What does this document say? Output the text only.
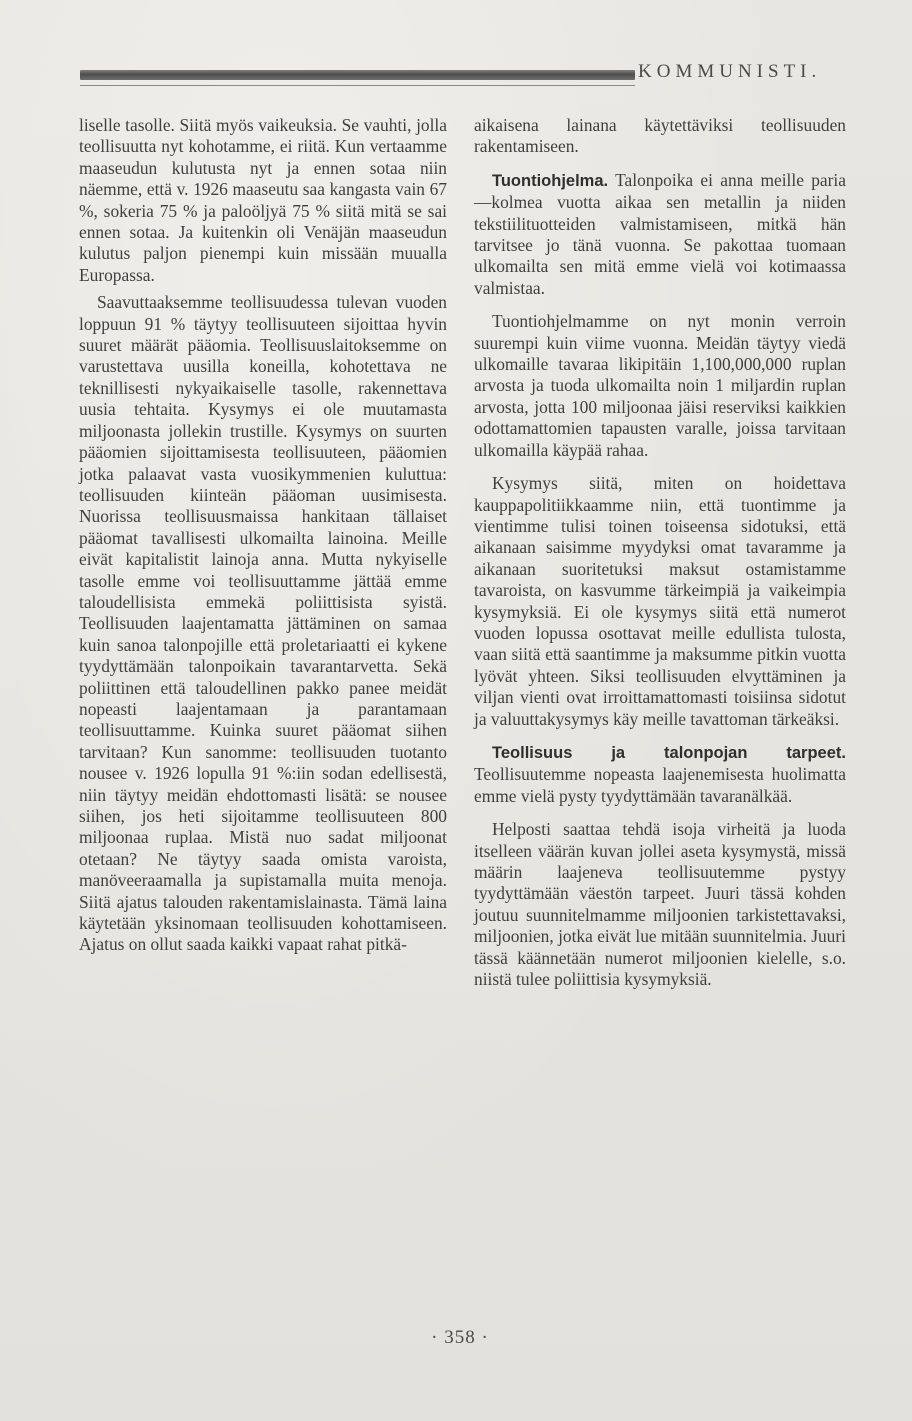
KOMMUNISTI.

liselle tasolle. Siitä myös vaikeuksia. Se vauhti, jolla teollisuutta nyt kohotamme, ei riitä. Kun vertaamme maaseudun kulutusta nyt ja ennen sotaa niin näemme, että v. 1926 maaseutu saa kangasta vain 67 %, sokeria 75 % ja paloöljyä 75 % siitä mitä se sai ennen sotaa. Ja kuitenkin oli Venäjän maaseudun kulutus paljon pienempi kuin missään muualla Europassa.

Saavuttaaksemme teollisuudessa tulevan vuoden loppuun 91 % täytyy teollisuuteen sijoittaa hyvin suuret määrät pääomia. Teollisuuslaitoksemme on varustettava uusilla koneilla, kohotettava ne teknillisesti nykyaikaiselle tasolle, rakennettava uusia tehtaita. Kysymys ei ole muutamasta miljoonasta jollekin trustille. Kysymys on suurten pääomien sijoittamisesta teollisuuteen, pääomien jotka palaavat vasta vuosikymmenien kuluttua: teollisuuden kiinteän pääoman uusimisesta. Nuorissa teollisuusmaissa hankitaan tällaiset pääomat tavallisesti ulkomailta lainoina. Meille eivät kapitalistit lainoja anna. Mutta nykyiselle tasolle emme voi teollisuuttamme jättää emme taloudellisista emmekä poliittisista syistä. Teollisuuden laajentamatta jättäminen on samaa kuin sanoa talonpojille että proletariaatti ei kykene tyydyttämään talonpoikain tavarantarvetta. Sekä poliittinen että taloudellinen pakko panee meidät nopeasti laajentamaan ja parantamaan teollisuuttamme. Kuinka suuret pääomat siihen tarvitaan? Kun sanomme: teollisuuden tuotanto nousee v. 1926 lopulla 91 %:iin sodan edellisestä, niin täytyy meidän ehdottomasti lisätä: se nousee siihen, jos heti sijoitamme teollisuuteen 800 miljoonaa ruplaa. Mistä nuo sadat miljoonat otetaan? Ne täytyy saada omista varoista, manöveeraamalla ja supistamalla muita menoja. Siitä ajatus talouden rakentamislainasta. Tämä laina käytetään yksinomaan teollisuuden kohottamiseen. Ajatus on ollut saada kaikki vapaat rahat pitkä-

aikaisena lainana käytettäviksi teollisuuden rakentamiseen.

Tuontiohjelma. Talonpoika ei anna meille paria—kolmea vuotta aikaa sen metallin ja niiden tekstiilituotteiden valmistamiseen, mitkä hän tarvitsee jo tänä vuonna. Se pakottaa tuomaan ulkomailta sen mitä emme vielä voi kotimaassa valmistaa.

Tuontiohjelmamme on nyt monin verroin suurempi kuin viime vuonna. Meidän täytyy viedä ulkomaille tavaraa likipitäin 1,100,000,000 ruplan arvosta ja tuoda ulkomailta noin 1 miljardin ruplan arvosta, jotta 100 miljoonaa jäisi reserviksi kaikkien odottamattomien tapausten varalle, joissa tarvitaan ulkomailla käypää rahaa.

Kysymys siitä, miten on hoidettava kauppapolitiikkaamme niin, että tuontimme ja vientimme tulisi toinen toiseensa sidotuksi, että aikanaan saisimme myydyksi omat tavaramme ja aikanaan suoritetuksi maksut ostamistamme tavaroista, on kasvumme tärkeimpiä ja vaikeimpia kysymyksiä. Ei ole kysymys siitä että numerot vuoden lopussa osottavat meille edullista tulosta, vaan siitä että saantimme ja maksumme pitkin vuotta lyövät yhteen. Siksi teollisuuden elvyttäminen ja viljan vienti ovat irroittamattomasti toisiinsa sidotut ja valuuttakysymys käy meille tavattoman tärkeäksi.

Teollisuus ja talonpojan tarpeet. Teollisuutemme nopeasta laajenemisesta huolimatta emme vielä pysty tyydyttämään tavaranälkää.

Helposti saattaa tehdä isoja virheitä ja luoda itselleen väärän kuvan jollei aseta kysymystä, missä määrin laajeneva teollisuutemme pystyy tyydyttämään väestön tarpeet. Juuri tässä kohden joutuu suunnitelmamme miljoonien tarkistettavaksi, miljoonien, jotka eivät lue mitään suunnitelmia. Juuri tässä käännetään numerot miljoonien kielelle, s.o. niistä tulee poliittisia kysymyksiä.

· 358 ·
